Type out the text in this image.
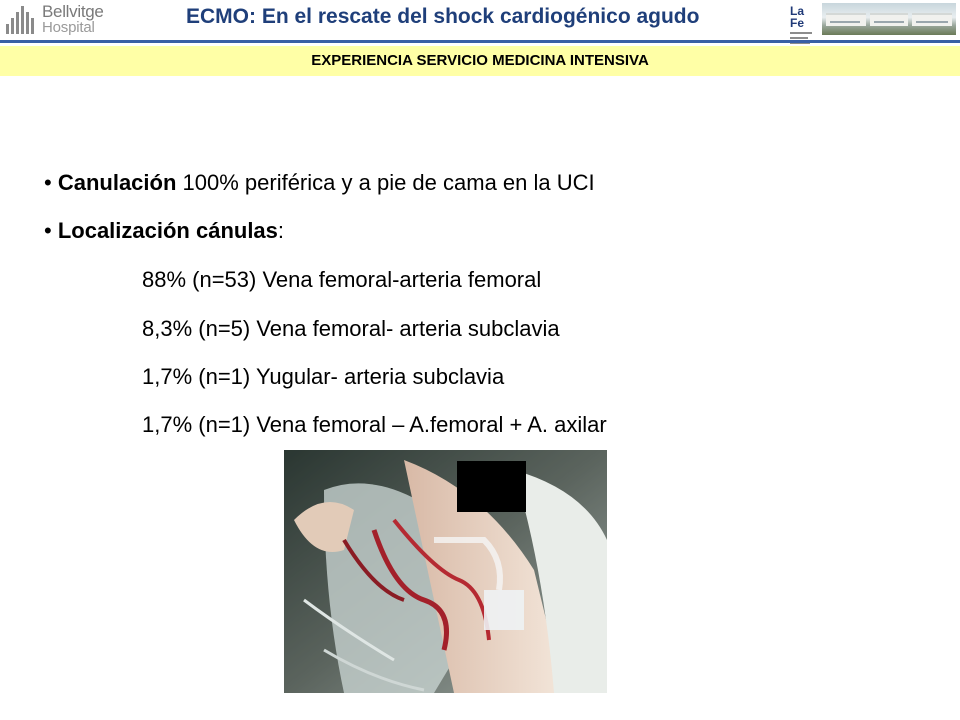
Bellvitge
Hospital	ECMO: En el rescate del shock cardiogénico agudo	La Fe
EXPERIENCIA SERVICIO MEDICINA INTENSIVA
• Canulación 100% periférica y a pie de cama en la UCI
• Localización cánulas:
88% (n=53) Vena femoral-arteria femoral
8,3% (n=5) Vena femoral- arteria subclavia
1,7% (n=1) Yugular- arteria subclavia
1,7% (n=1) Vena femoral – A.femoral + A. axilar
